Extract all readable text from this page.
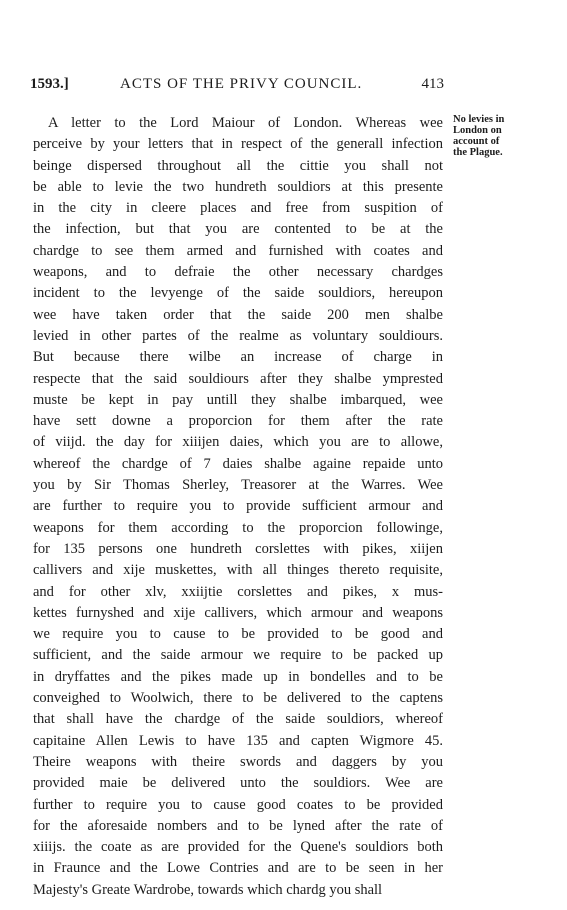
1593.]	ACTS OF THE PRIVY COUNCIL.	413
No levies in
London on
account of
the Plague.
A letter to the Lord Maiour of London. Whereas wee
perceive by your letters that in respect of the generall infection
beinge dispersed throughout all the cittie you shall not
be able to levie the two hundreth souldiors at this presente
in the city in cleere places and free from suspition of
the infection, but that you are contented to be at the
chardge to see them armed and furnished with coates and
weapons, and to defraie the other necessary chardges
incident to the levyenge of the saide souldiors, hereupon
wee have taken order that the saide 200 men shalbe
levied in other partes of the realme as voluntary souldiours.
But because there wilbe an increase of charge in
respecte that the said souldiours after they shalbe ymprested
muste be kept in pay untill they shalbe imbarqued, wee
have sett downe a proporcion for them after the rate
of viijd. the day for xiiijen daies, which you are to allowe,
whereof the chardge of 7 daies shalbe againe repaide unto
you by Sir Thomas Sherley, Treasorer at the Warres. Wee
are further to require you to provide sufficient armour and
weapons for them according to the proporcion followinge,
for 135 persons one hundreth corslettes with pikes, xiijen
callivers and xije muskettes, with all thinges thereto requisite,
and for other xlv, xxiijtie corslettes and pikes, x mus-
kettes furnyshed and xije callivers, which armour and weapons
we require you to cause to be provided to be good and
sufficient, and the saide armour we require to be packed up
in dryffattes and the pikes made up in bondelles and to be
conveighed to Woolwich, there to be delivered to the captens
that shall have the chardge of the saide souldiors, whereof
capitaine Allen Lewis to have 135 and capten Wigmore 45.
Theire weapons with theire swords and daggers by you
provided maie be delivered unto the souldiors. Wee are
further to require you to cause good coates to be provided
for the aforesaide nombers and to be lyned after the rate of
xiiijs. the coate as are provided for the Quene's souldiors both
in Fraunce and the Lowe Contries and are to be seen in her
Majesty's Greate Wardrobe, towards which chardg you shall
